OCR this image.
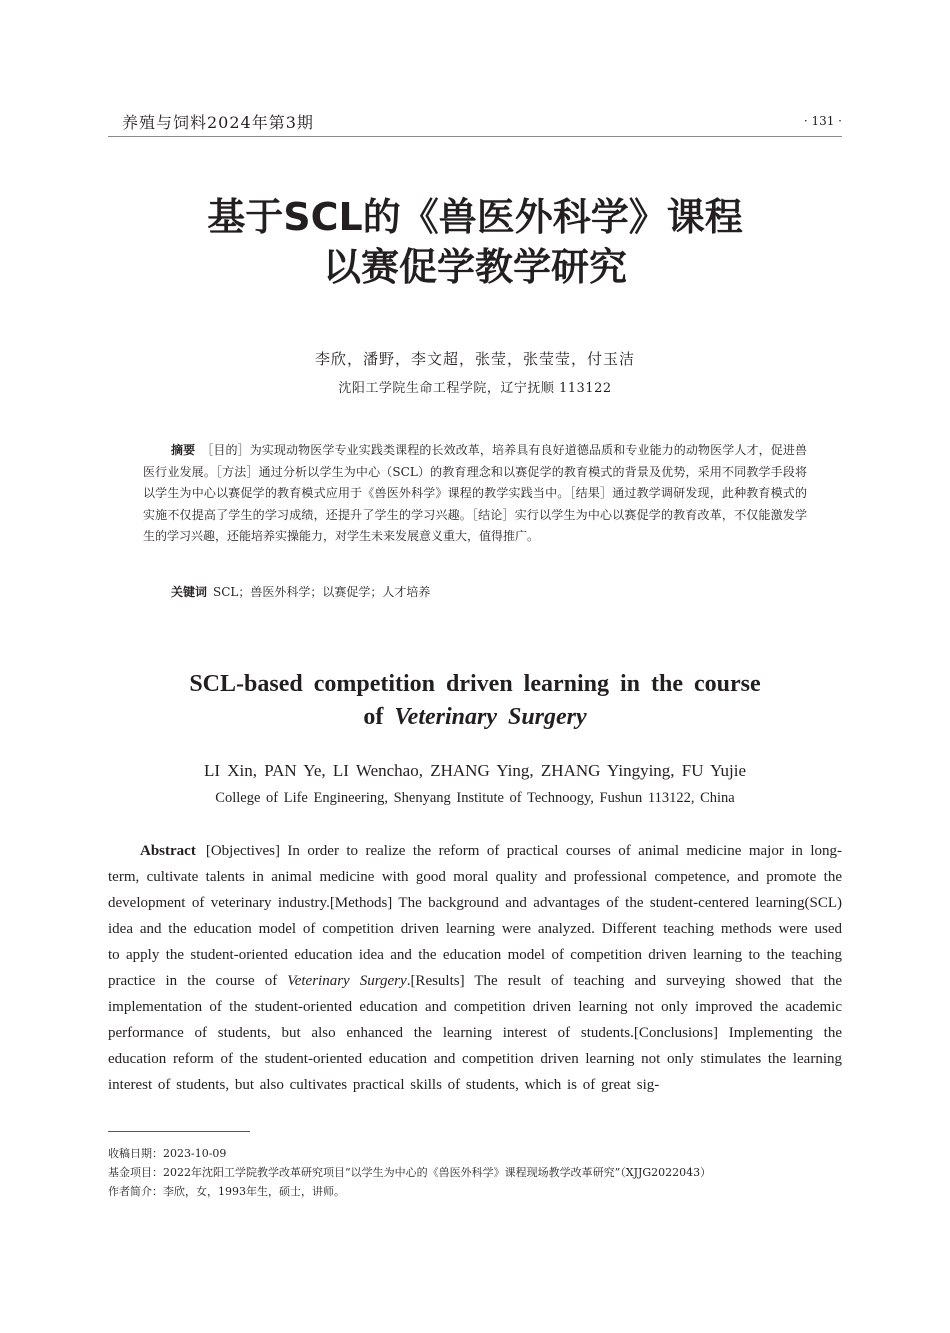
养殖与饲料2024年第3期	· 131 ·
基于SCL的《兽医外科学》课程
以赛促学教学研究
李欣，潘野，李文超，张莹，张莹莹，付玉洁
沈阳工学院生命工程学院，辽宁抚顺 113122
摘要 ［目的］为实现动物医学专业实践类课程的长效改革，培养具有良好道德品质和专业能力的动物医学人才，促进兽医行业发展。［方法］通过分析以学生为中心（SCL）的教育理念和以赛促学的教育模式的背景及优势，采用不同教学手段将以学生为中心以赛促学的教育模式应用于《兽医外科学》课程的教学实践当中。［结果］通过教学调研发现，此种教育模式的实施不仅提高了学生的学习成绩，还提升了学生的学习兴趣。［结论］实行以学生为中心以赛促学的教育改革，不仅能激发学生的学习兴趣，还能培养实操能力，对学生未来发展意义重大，值得推广。
关键词 SCL；兽医外科学；以赛促学；人才培养
SCL-based competition driven learning in the course
of Veterinary Surgery
LI Xin, PAN Ye, LI Wenchao, ZHANG Ying, ZHANG Yingying, FU Yujie
College of Life Engineering, Shenyang Institute of Technoogy, Fushun 113122, China
Abstract [Objectives] In order to realize the reform of practical courses of animal medicine major in long-term, cultivate talents in animal medicine with good moral quality and professional competence, and promote the development of veterinary industry.[Methods] The background and advantages of the student-centered learning(SCL) idea and the education model of competition driven learning were analyzed. Different teaching methods were used to apply the student-oriented education idea and the education model of competition driven learning to the teaching practice in the course of Veterinary Surgery.[Results] The result of teaching and surveying showed that the implementation of the student-oriented education and competition driven learning not only improved the academic performance of students, but also enhanced the learning interest of students.[Conclusions] Implementing the education reform of the student-oriented education and competition driven learning not only stimulates the learning interest of students, but also cultivates practical skills of students, which is of great sig-
收稿日期：2023-10-09
基金项目：2022年沈阳工学院教学改革研究项目“以学生为中心的《兽医外科学》课程现场教学改革研究”（XJJG2022043）
作者简介：李欣，女，1993年生，硕士，讲师。
